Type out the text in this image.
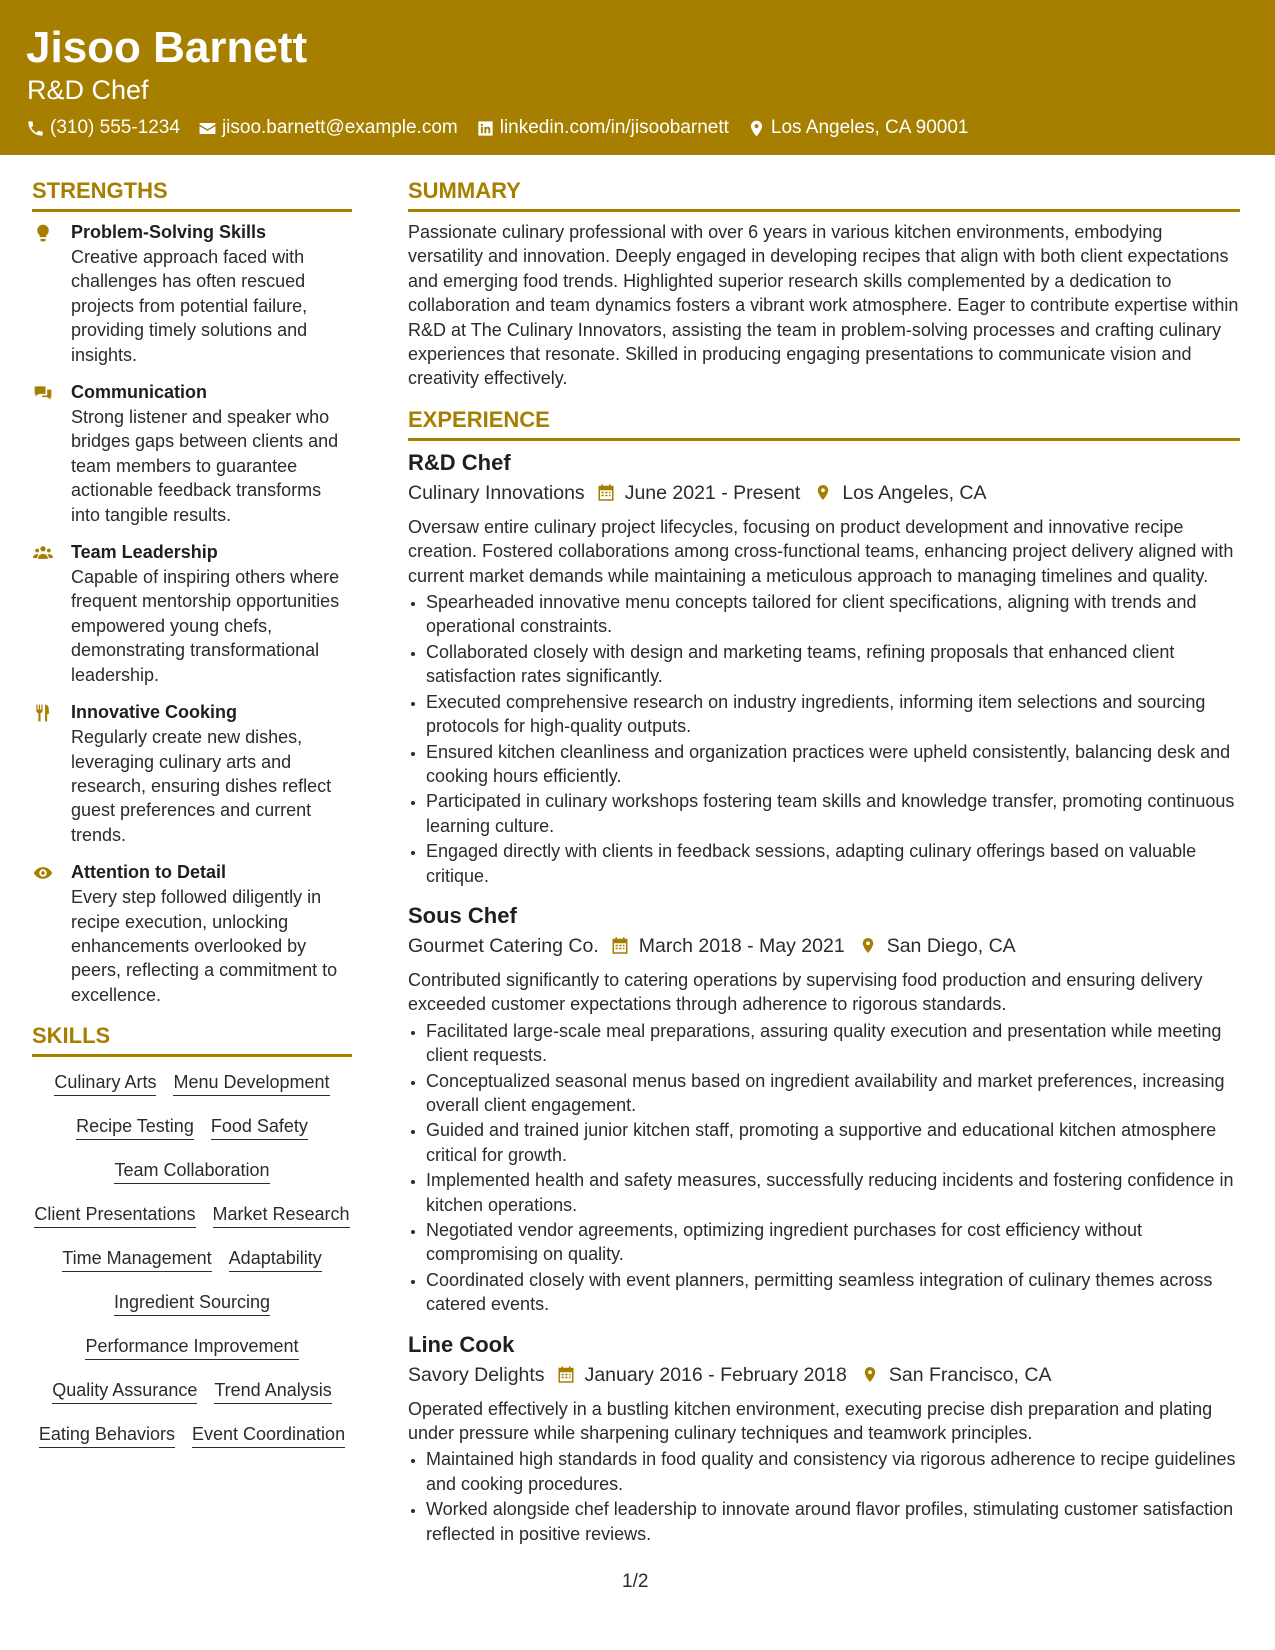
Jisoo Barnett
R&D Chef
(310) 555-1234 jisoo.barnett@example.com linkedin.com/in/jisoobarnett Los Angeles, CA 90001
STRENGTHS
Problem-Solving Skills
Creative approach faced with challenges has often rescued projects from potential failure, providing timely solutions and insights.
Communication
Strong listener and speaker who bridges gaps between clients and team members to guarantee actionable feedback transforms into tangible results.
Team Leadership
Capable of inspiring others where frequent mentorship opportunities empowered young chefs, demonstrating transformational leadership.
Innovative Cooking
Regularly create new dishes, leveraging culinary arts and research, ensuring dishes reflect guest preferences and current trends.
Attention to Detail
Every step followed diligently in recipe execution, unlocking enhancements overlooked by peers, reflecting a commitment to excellence.
SKILLS
Culinary Arts Menu Development
Recipe Testing Food Safety
Team Collaboration
Client Presentations Market Research
Time Management Adaptability
Ingredient Sourcing
Performance Improvement
Quality Assurance Trend Analysis
Eating Behaviors Event Coordination
SUMMARY

Passionate culinary professional with over 6 years in various kitchen environments, embodying versatility and innovation. Deeply engaged in developing recipes that align with both client expectations and emerging food trends. Highlighted superior research skills complemented by a dedication to collaboration and team dynamics fosters a vibrant work atmosphere. Eager to contribute expertise within R&D at The Culinary Innovators, assisting the team in problem-solving processes and crafting culinary experiences that resonate. Skilled in producing engaging presentations to communicate vision and creativity effectively.

EXPERIENCE
R&D Chef
Culinary Innovations June 2021 - Present Los Angeles, CA

Oversaw entire culinary project lifecycles, focusing on product development and innovative recipe creation. Fostered collaborations among cross-functional teams, enhancing project delivery aligned with current market demands while maintaining a meticulous approach to managing timelines and quality.

• Spearheaded innovative menu concepts tailored for client specifications, aligning with trends and operational constraints.
• Collaborated closely with design and marketing teams, refining proposals that enhanced client satisfaction rates significantly.
• Executed comprehensive research on industry ingredients, informing item selections and sourcing protocols for high-quality outputs.
• Ensured kitchen cleanliness and organization practices were upheld consistently, balancing desk and cooking hours efficiently.
• Participated in culinary workshops fostering team skills and knowledge transfer, promoting continuous learning culture.
• Engaged directly with clients in feedback sessions, adapting culinary offerings based on valuable critique.
Sous Chef
Gourmet Catering Co. March 2018 - May 2021 San Diego, CA

Contributed significantly to catering operations by supervising food production and ensuring delivery exceeded customer expectations through adherence to rigorous standards.

• Facilitated large-scale meal preparations, assuring quality execution and presentation while meeting client requests.
• Conceptualized seasonal menus based on ingredient availability and market preferences, increasing overall client engagement.
• Guided and trained junior kitchen staff, promoting a supportive and educational kitchen atmosphere critical for growth.
• Implemented health and safety measures, successfully reducing incidents and fostering confidence in kitchen operations.
• Negotiated vendor agreements, optimizing ingredient purchases for cost efficiency without compromising on quality.
• Coordinated closely with event planners, permitting seamless integration of culinary themes across catered events.
Line Cook
Savory Delights January 2016 - February 2018 San Francisco, CA

Operated effectively in a bustling kitchen environment, executing precise dish preparation and plating under pressure while sharpening culinary techniques and teamwork principles.

• Maintained high standards in food quality and consistency via rigorous adherence to recipe guidelines and cooking procedures.
• Worked alongside chef leadership to innovate around flavor profiles, stimulating customer satisfaction reflected in positive reviews.
1/2
